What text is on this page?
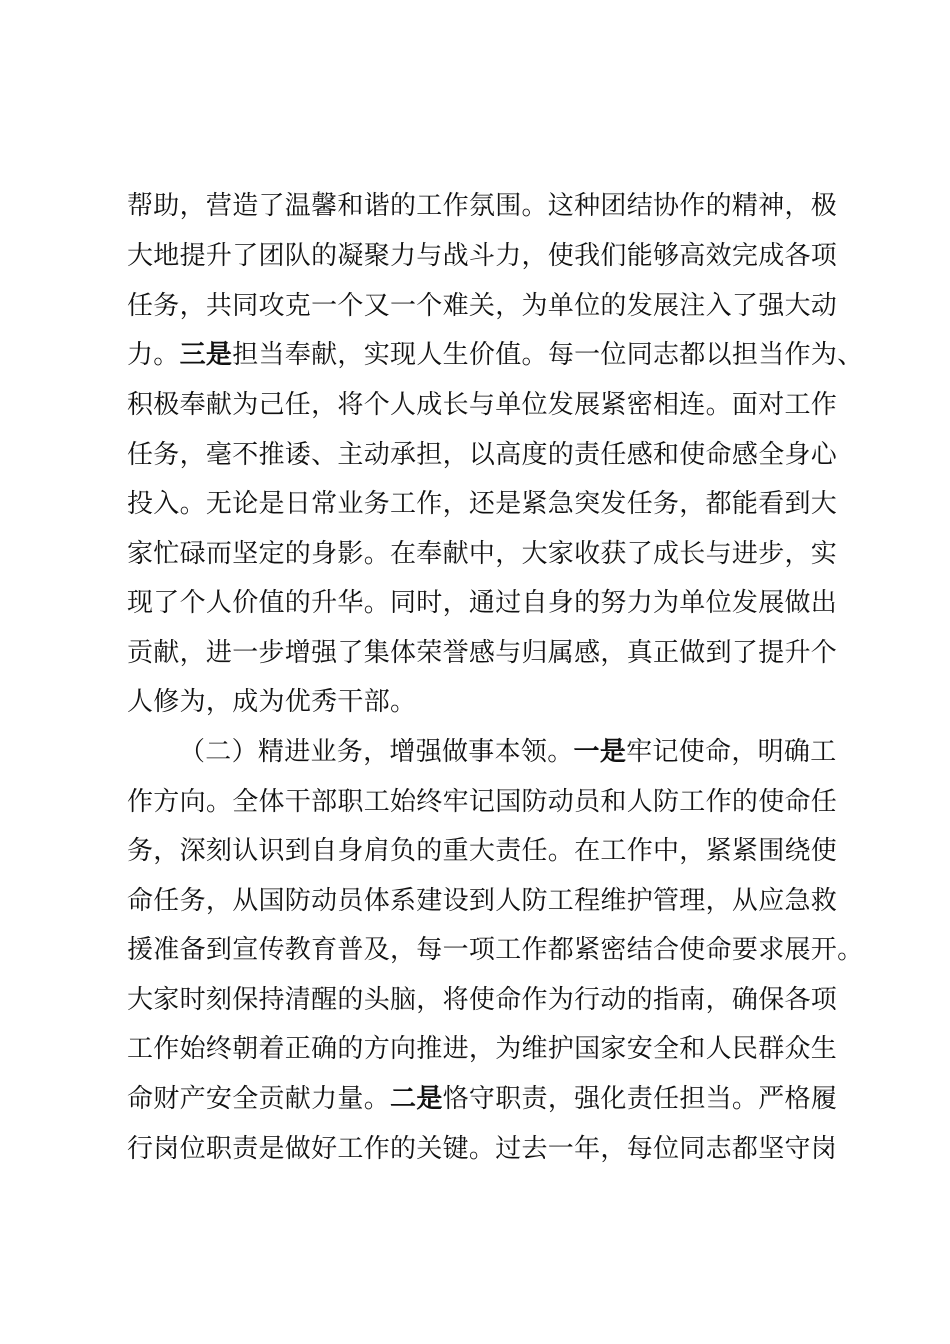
帮助，营造了温馨和谐的工作氛围。这种团结协作的精神，极
大地提升了团队的凝聚力与战斗力，使我们能够高效完成各项
任务，共同攻克一个又一个难关，为单位的发展注入了强大动
力。三是担当奉献，实现人生价值。每一位同志都以担当作为、
积极奉献为己任，将个人成长与单位发展紧密相连。面对工作
任务，毫不推诿、主动承担，以高度的责任感和使命感全身心
投入。无论是日常业务工作，还是紧急突发任务，都能看到大
家忙碌而坚定的身影。在奉献中，大家收获了成长与进步，实
现了个人价值的升华。同时，通过自身的努力为单位发展做出
贡献，进一步增强了集体荣誉感与归属感，真正做到了提升个
人修为，成为优秀干部。
（二）精进业务，增强做事本领。一是牢记使命，明确工
作方向。全体干部职工始终牢记国防动员和人防工作的使命任
务，深刻认识到自身肩负的重大责任。在工作中，紧紧围绕使
命任务，从国防动员体系建设到人防工程维护管理，从应急救
援准备到宣传教育普及，每一项工作都紧密结合使命要求展开。
大家时刻保持清醒的头脑，将使命作为行动的指南，确保各项
工作始终朝着正确的方向推进，为维护国家安全和人民群众生
命财产安全贡献力量。二是恪守职责，强化责任担当。严格履
行岗位职责是做好工作的关键。过去一年，每位同志都坚守岗
